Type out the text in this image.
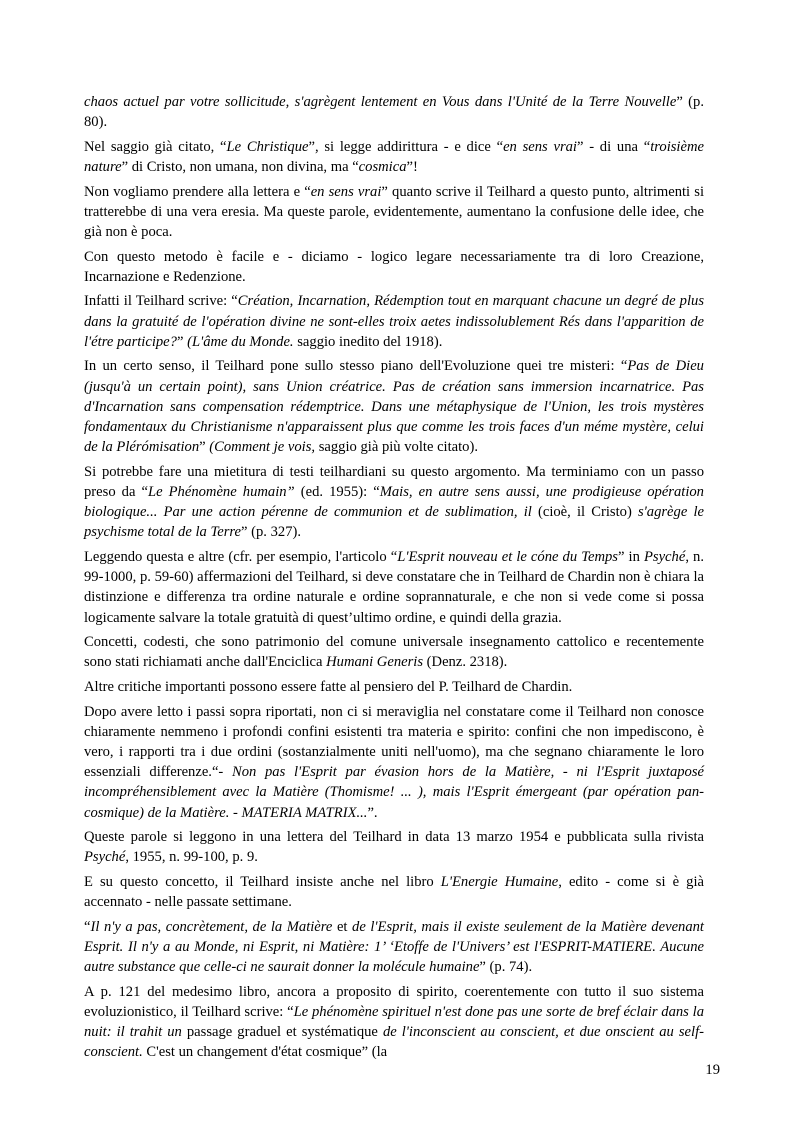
chaos actuel par votre sollicitude, s'agrègent lentement en Vous dans l'Unité de la Terre Nouvelle” (p. 80).

Nel saggio già citato, “Le Christique”, si legge addirittura - e dice “en sens vrai” - di una “troisième nature” di Cristo, non umana, non divina, ma “cosmica”!

Non vogliamo prendere alla lettera e “en sens vrai” quanto scrive il Teilhard a questo punto, altrimenti si tratterebbe di una vera eresia. Ma queste parole, evidentemente, aumentano la confusione delle idee, che già non è poca.

Con questo metodo è facile e - diciamo - logico legare necessariamente tra di loro Creazione, Incarnazione e Redenzione.

Infatti il Teilhard scrive: “Création, Incarnation, Rédemption tout en marquant chacune un degré de plus dans la gratuité de l'opération divine ne sont-elles troix aetes indissolublement Rés dans l'apparition de l'étre participe?” (L'âme du Monde. saggio inedito del 1918).

In un certo senso, il Teilhard pone sullo stesso piano dell'Evoluzione quei tre misteri: “Pas de Dieu (jusqu'à un certain point), sans Union créatrice. Pas de création sans immersion incarnatrice. Pas d'Incarnation sans compensation rédemptrice. Dans une métaphysique de l'Union, les trois mystères fondamentaux du Christianisme n'apparaissent plus que comme les trois faces d'un méme mystère, celui de la Plérómisation” (Comment je vois, saggio già più volte citato).

Si potrebbe fare una mietitura di testi teilhardiani su questo argomento. Ma terminiamo con un passo preso da “Le Phénomène humain” (ed. 1955): “Mais, en autre sens aussi, une prodigieuse opération biologique... Par une action pérenne de communion et de sublimation, il (cioè, il Cristo) s'agrège le psychisme total de la Terre” (p. 327).

Leggendo questa e altre (cfr. per esempio, l'articolo “L'Esprit nouveau et le cóne du Temps” in Psyché, n. 99-1000, p. 59-60) affermazioni del Teilhard, si deve constatare che in Teilhard de Chardin non è chiara la distinzione e differenza tra ordine naturale e ordine soprannaturale, e che non si vede come si possa logicamente salvare la totale gratuità di quest’ultimo ordine, e quindi della grazia.

Concetti, codesti, che sono patrimonio del comune universale insegnamento cattolico e recentemente sono stati richiamati anche dall'Enciclica Humani Generis (Denz. 2318).

Altre critiche importanti possono essere fatte al pensiero del P. Teilhard de Chardin.

Dopo avere letto i passi sopra riportati, non ci si meraviglia nel constatare come il Teilhard non conosce chiaramente nemmeno i profondi confini esistenti tra materia e spirito: confini che non impediscono, è vero, i rapporti tra i due ordini (sostanzialmente uniti nell'uomo), ma che segnano chiaramente le loro essenziali differenze.“- Non pas l'Esprit par évasion hors de la Matière, - ni l'Esprit juxtaposé incompréhensiblement avec la Matière (Thomisme! ... ), mais l'Esprit émergeant (par opération pan-cosmique) de la Matière. - MATERIA MATRIX...”.

Queste parole si leggono in una lettera del Teilhard in data 13 marzo 1954 e pubblicata sulla rivista Psyché, 1955, n. 99-100, p. 9.

E su questo concetto, il Teilhard insiste anche nel libro L'Energie Humaine, edito - come si è già accennato - nelle passate settimane.

“Il n'y a pas, concrètement, de la Matière et de l'Esprit, mais il existe seulement de la Matière devenant Esprit. Il n'y a au Monde, ni Esprit, ni Matière: 1’ ‘Etoffe de l'Univers’ est l'ESPRIT-MATIERE. Aucune autre substance que celle-ci ne saurait donner la molécule humaine” (p. 74).

A p. 121 del medesimo libro, ancora a proposito di spirito, coerentemente con tutto il suo sistema evoluzionistico, il Teilhard scrive: “Le phénomène spirituel n'est done pas une sorte de bref éclair dans la nuit: il trahit un passage graduel et systématique de l'inconscient au conscient, et due onscient au self-conscient. C'est un changement d'état cosmique” (la

19
